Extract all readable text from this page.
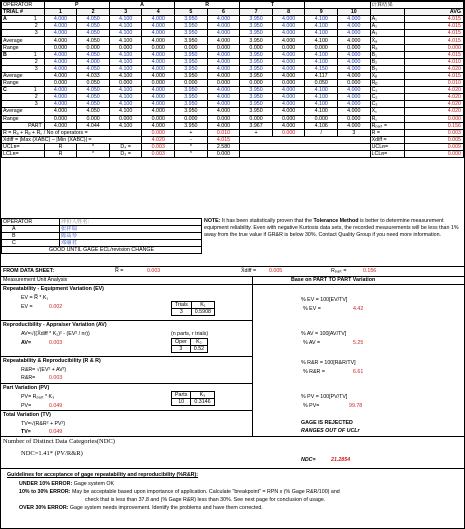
OPERATOR	P		A		R		T				计算结果	
TRIAL #	1	2	3	4	5	6	7	8	9	10		AVG
A 1	4.000	4.050	4.100	4.000	3.950	4.000	3.950	4.000	4.100	4.000	A₁	4.015
2	4.000	4.050	4.100	4.000	3.950	4.000	3.950	4.000	4.100	4.000	A₂	4.015
3	4.000	4.050	4.100	4.000	3.950	4.000	3.950	4.000	4.100	4.000	A₃	4.015
Average	4.000	4.050	4.100	4.000	3.950	4.000	3.950	4.000	4.100	4.000	X̄ₐ	4.015
Range	0.000	0.000	0.000	0.000	0.000	0.000	0.000	0.000	0.000	0.000	R̄ₐ	0.000
B 1	4.000	4.050	4.100	4.000	3.950	4.000	3.950	4.000	4.100	4.000	B₁	4.015
2	4.000	4.000	4.100	4.000	3.950	4.000	3.950	4.000	4.100	4.000	B₂	4.010
3	4.000	4.050	4.100	4.000	3.950	4.000	3.950	4.000	4.150	4.000	B₃	4.020
Average	4.000	4.033	4.100	4.000	3.950	4.000	3.950	4.000	4.117	4.000	X̄ᵦ	4.015
Range	0.000	0.050	0.000	0.000	0.000	0.000	0.000	0.000	0.050	0.000	R̄ᵦ	0.010
C 1	4.000	4.050	4.100	4.000	3.950	4.000	3.950	4.000	4.100	4.000	C₁	4.020
2	4.000	4.050	4.100	4.000	3.950	4.000	3.950	4.000	4.100	4.000	C₂	4.020
3	4.000	4.050	4.100	4.000	3.950	4.000	3.950	4.000	4.100	4.000	C₃	4.020
Average	4.000	4.050	4.100	4.000	3.950	4.000	3.950	4.000	4.100	4.000	X̄꜀	4.020
Range	0.000	0.000	0.000	0.000	0.000	0.000	0.000	0.000	0.000	0.000	R̄꜀	0.000
PART	4.000	4.044	4.100	4.000	3.950	4.000	3.967	4.000	4.106	4.000	Rₚₐᵣₜ =	0.156
R̿ = R̄ₐ + R̄ᵦ + R̄꜀ / No of operators =				0.000	+	0.010	+	0.000	/	3	R̿ =	0.003
X̄diff = |Max (X̄ABC) – |Min (X̄ABC)| =				4.020	-	4.015					X̄diff =	0.005
UCLʀ=	R̿	*	D₄ =	0.003	*	2.580					UCLʀ=	0.009
LCLʀ=	R̿	*	D₃ =	0.003	*	0.000					LCLʀ=	0.000
OPERATOR	评价人姓名：
A	张祥瑞
B	陈高琴
C	邓丽君
GOOD UNTIL GAGE ECL/revision CHANGE	
NOTE: It has been statistically proven that the Tolerance Method is better to determine measurement equipment reliability. Even with negative Kurtosis data sets, the recorded measurements will be less than 1% away from the true value if GR&R is below 30%. Contact Quality Group if you need more information.
FROM DATA SHEET:	R̿ =	0.003	X̄diff = 0.005	Rₚₐᵣₜ =	0.156
Measurement Unit Analysis	Base on PART TO PART Variation
Repeatability - Equipment Variation (EV)
EV = R̿ * K₁
EV =	0.002	Trials	K₁
3	0.5908
% EV = 100[EV/TV]
% EV =	4.42
Reproducibility - Appraiser Variation (AV)
AV=√((X̄diff * K₂)² - (EV² / nr))	(n parts, r trials)
AV=	0.003	Oper	K₂
3	0.52
% AV = 100[AV/TV]
% AV =	5.25
Repeatability & Reproducibility (R & R)
R&R= √(EV² + AV²)
R&R=	0.003
% R&R = 100[R&R/TV]
% R&R =	6.61
Part Variation (PV)
PV= Rₚₐᵣₜ * K₃
PV=	0.049
Parts	K₃
10	0.3146
% PV = 100[PV/TV]
% PV=	99.78
Total Variation (TV)
TV=√(R&R² + PV²)
TV=	0.049
GAGE IS REJECTED
RANGES OUT OF UCLr
Number of Distinct Data Categories(NDC)
NDC=1.41* (PV/R&R)
NDC=	21.2854
Guidelines for acceptance of gage repeatability and reproducibility (%R&R):
UNDER 10% ERROR: Gage system OK
10% to 30% ERROR: May be acceptable based upon importance of application. Calculate "breakpoint" = RPN x (% Gage R&R/100) and
check that is less than 37.8 and (% Gage R&R) less than 30%. See next page for conclusion of usage.
OVER 30% ERROR: Gage system needs improvement. Identify the problems and have them corrected.
